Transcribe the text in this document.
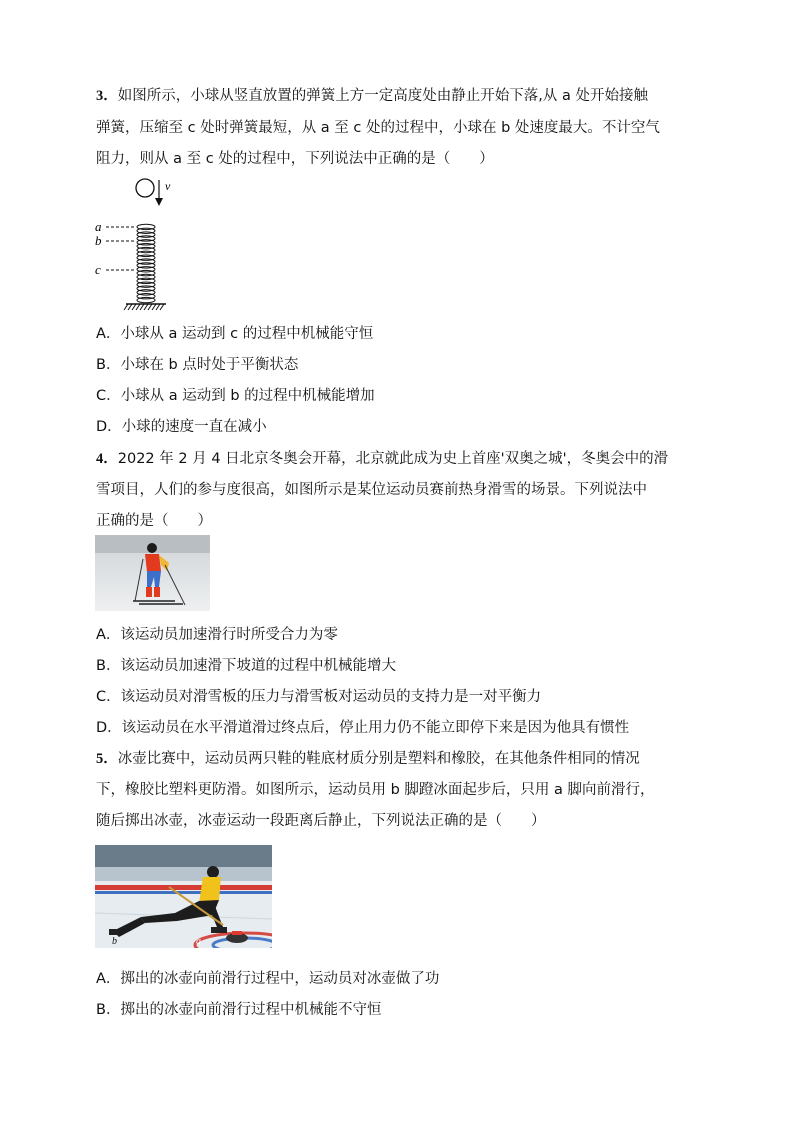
3．如图所示，小球从竖直放置的弹簧上方一定高度处由静止开始下落,从 a 处开始接触
弹簧，压缩至 c 处时弹簧最短，从 a 至 c 处的过程中，小球在 b 处速度最大。不计空气
阻力，则从 a 至 c 处的过程中，下列说法中正确的是（　　）
v
a
b
c
A．小球从 a 运动到 c 的过程中机械能守恒
B．小球在 b 点时处于平衡状态
C．小球从 a 运动到 b 的过程中机械能增加
D．小球的速度一直在减小
4．2022 年 2 月 4 日北京冬奥会开幕，北京就此成为史上首座'双奥之城'，冬奥会中的滑
雪项目，人们的参与度很高，如图所示是某位运动员赛前热身滑雪的场景。下列说法中
正确的是（　　）
A．该运动员加速滑行时所受合力为零
B．该运动员加速滑下坡道的过程中机械能增大
C．该运动员对滑雪板的压力与滑雪板对运动员的支持力是一对平衡力
D．该运动员在水平滑道滑过终点后，停止用力仍不能立即停下来是因为他具有惯性
5．冰壶比赛中，运动员两只鞋的鞋底材质分别是塑料和橡胶，在其他条件相同的情况
下，橡胶比塑料更防滑。如图所示，运动员用 b 脚蹬冰面起步后，只用 a 脚向前滑行，
随后掷出冰壶，冰壶运动一段距离后静止，下列说法正确的是（　　）
a
b
A．掷出的冰壶向前滑行过程中，运动员对冰壶做了功
B．掷出的冰壶向前滑行过程中机械能不守恒
